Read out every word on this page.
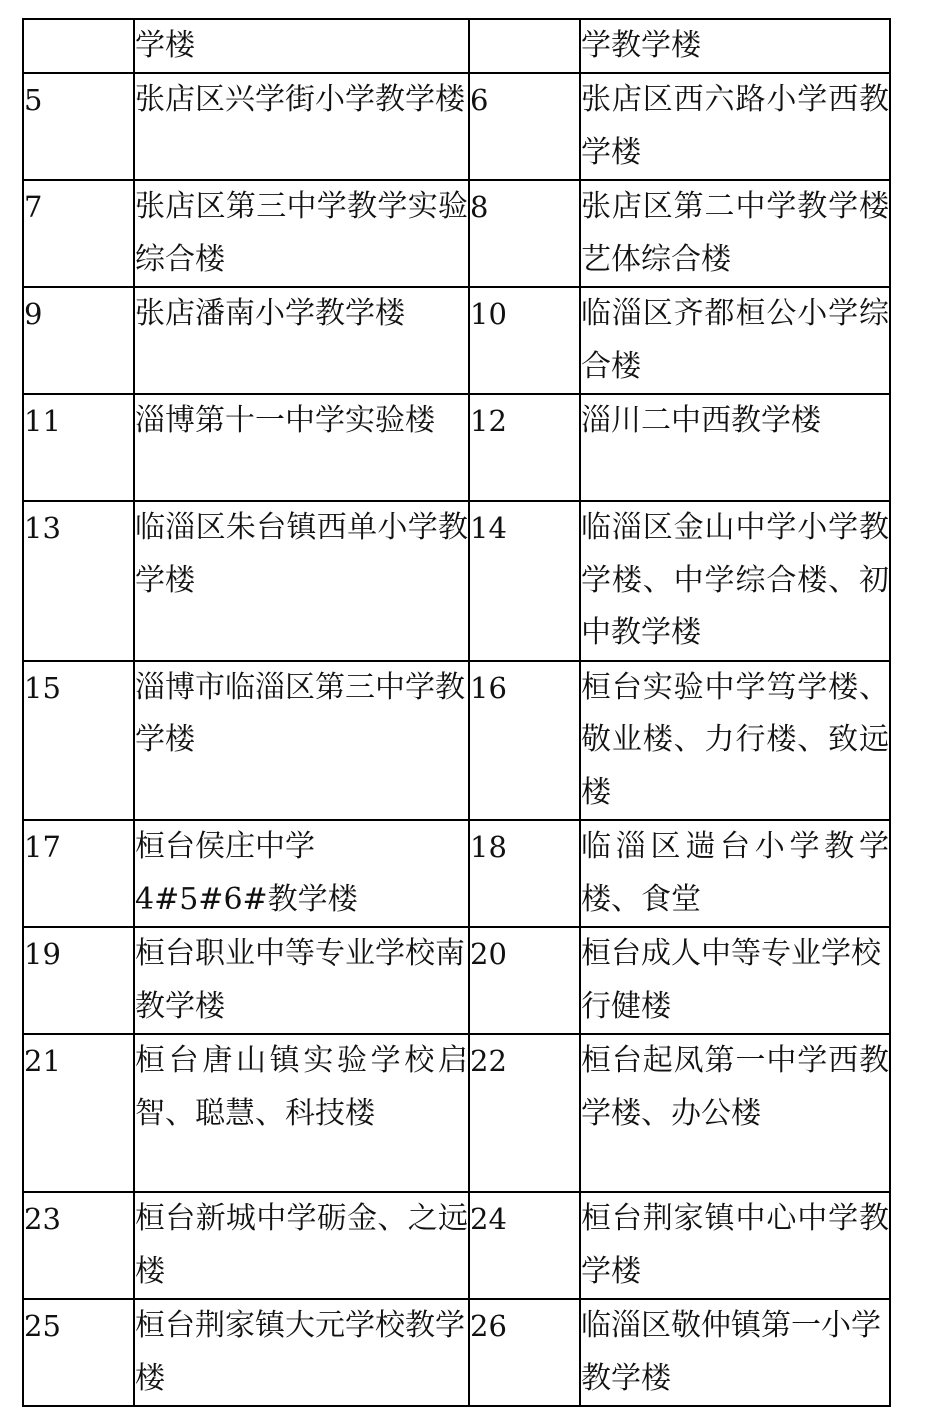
	学楼		学教学楼

5	张店区兴学街小学教学楼	6	张店区西六路小学西教学楼

7	张店区第三中学教学实验综合楼	8	张店区第二中学教学楼艺体综合楼

9	张店潘南小学教学楼	10	临淄区齐都桓公小学综合楼

11	淄博第十一中学实验楼	12	淄川二中西教学楼

13	临淄区朱台镇西单小学教学楼	14	临淄区金山中学小学教学楼、中学综合楼、初中教学楼

15	淄博市临淄区第三中学教学楼	16	桓台实验中学笃学楼、敬业楼、力行楼、致远楼

17	桓台侯庄中学4#5#6#教学楼	18	临淄区遄台小学教学楼、食堂

19	桓台职业中等专业学校南教学楼	20	桓台成人中等专业学校行健楼

21	桓台唐山镇实验学校启智、聪慧、科技楼	22	桓台起凤第一中学西教学楼、办公楼

23	桓台新城中学砺金、之远楼	24	桓台荆家镇中心中学教学楼

25	桓台荆家镇大元学校教学楼	26	临淄区敬仲镇第一小学教学楼
